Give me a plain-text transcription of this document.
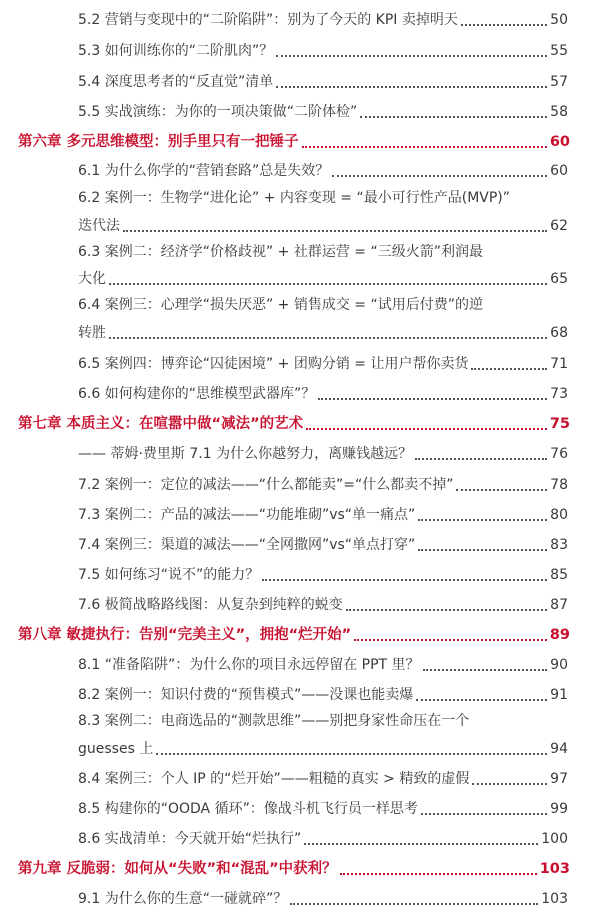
5.2 营销与变现中的“二阶陷阱”：别为了今天的 KPI 卖掉明天	50
5.3 如何训练你的“二阶肌肉”？	55
5.4 深度思考者的“反直觉”清单	57
5.5 实战演练：为你的一项决策做“二阶体检”	58
第六章 多元思维模型：别手里只有一把锤子	60
6.1 为什么你学的“营销套路”总是失效？	60
6.2 案例一：生物学“进化论” + 内容变现 = “最小可行性产品(MVP)”
迭代法	62
6.3 案例二：经济学“价格歧视” + 社群运营 = “三级火箭”利润最
大化	65
6.4 案例三：心理学“损失厌恶” + 销售成交 = “试用后付费”的逆
转胜	68
6.5 案例四：博弈论“囚徒困境” + 团购分销 = 让用户帮你卖货	71
6.6 如何构建你的“思维模型武器库”？	73
第七章 本质主义：在喧嚣中做“减法”的艺术	75
—— 蒂姆·费里斯 7.1 为什么你越努力，离赚钱越远？	76
7.2 案例一：定位的减法——“什么都能卖”=“什么都卖不掉”	78
7.3 案例二：产品的减法——“功能堆砌”vs“单一痛点”	80
7.4 案例三：渠道的减法——“全网撒网”vs“单点打穿”	83
7.5 如何练习“说不”的能力？	85
7.6 极简战略路线图：从复杂到纯粹的蜕变	87
第八章 敏捷执行：告别“完美主义”，拥抱“烂开始”	89
8.1 “准备陷阱”：为什么你的项目永远停留在 PPT 里？	90
8.2 案例一：知识付费的“预售模式”——没课也能卖爆	91
8.3 案例二：电商选品的“测款思维”——别把身家性命压在一个
guesses 上	94
8.4 案例三：个人 IP 的“烂开始”——粗糙的真实 > 精致的虚假	97
8.5 构建你的“OODA 循环”：像战斗机飞行员一样思考	99
8.6 实战清单：今天就开始“烂执行”	100
第九章 反脆弱：如何从“失败”和“混乱”中获利？	103
9.1 为什么你的生意“一碰就碎”？	103
